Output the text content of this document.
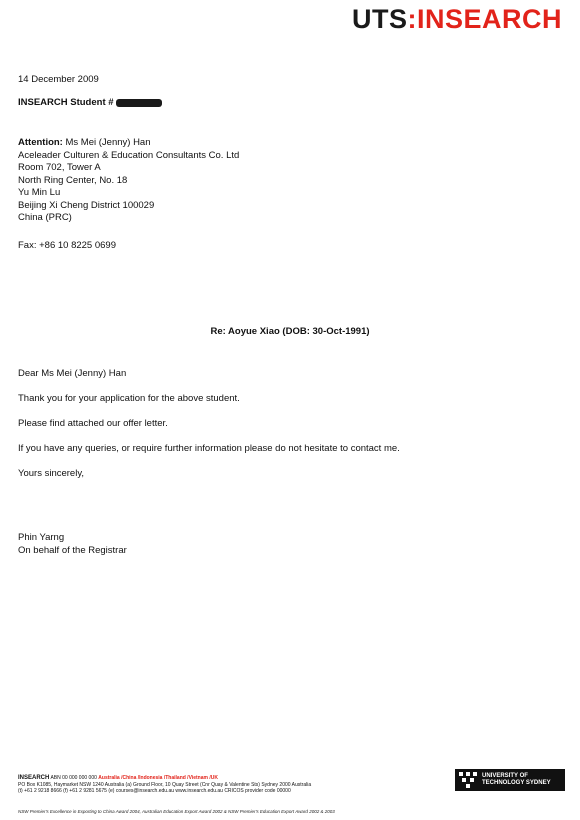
UTS:INSEARCH
14 December 2009
INSEARCH Student #
Attention: Ms Mei (Jenny) Han
Aceleader Culturen & Education Consultants Co. Ltd
Room 702, Tower A
North Ring Center, No. 18
Yu Min Lu
Beijing Xi Cheng District 100029
China (PRC)
Fax: +86 10 8225 0699
Re: Aoyue Xiao (DOB: 30-Oct-1991)
Dear Ms Mei (Jenny) Han
Thank you for your application for the above student.
Please find attached our offer letter.
If you have any queries, or require further information please do not hesitate to contact me.
Yours sincerely,
Phin Yarng
On behalf of the Registrar
INSEARCH ABN 00 000 000 000 Australia /China /Indonesia /Thailand /Vietnam /UK
PO Box K1085, Haymarket NSW 1240 Australia (a) Ground Floor, 10 Quay Street (Cnr Quay & Valentine Sts) Sydney 2000 Australia
(t) +61 2 9218 8666 (f) +61 2 9281 5675 (e) courses@insearch.edu.au www.insearch.edu.au CRICOS provider code 00000
NSW Premier's Excellence in Exporting to China Award 2004, Australian Education Export Award 2002 & NSW Premier's Education Export Award 2002 & 2003
UNIVERSITY OF TECHNOLOGY SYDNEY
